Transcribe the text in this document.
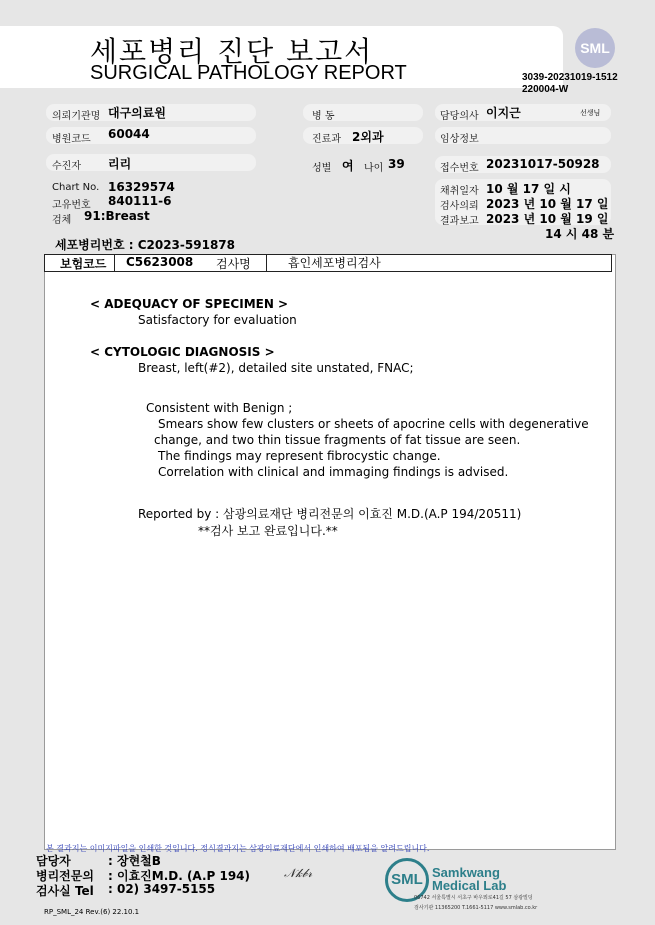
세포병리 진단 보고서
SURGICAL PATHOLOGY REPORT
SML
3039-20231019-1512
220004-W
의뢰기관명 대구의료원	병 동	담당의사 이지근	선생님
병원코드 60044	진료과 2외과	임상정보
수진자 리리	성별 여 나이 39	접수번호 20231017-50928
Chart No. 16329574
고유번호 840111-6
검체 91:Breast
채취일자 10 월 17 일 시
검사의뢰 2023 년 10 월 17 일
결과보고 2023 년 10 월 19 일
14 시 48 분
세포병리번호 : C2023-591878
보험코드 C5623008 검사명	흡인세포병리검사
< ADEQUACY OF SPECIMEN >
Satisfactory for evaluation
< CYTOLOGIC DIAGNOSIS >
Breast, left(#2), detailed site unstated, FNAC;
Consistent with Benign ;
Smears show few clusters or sheets of apocrine cells with degenerative
change, and two thin tissue fragments of fat tissue are seen.
The findings may represent fibrocystic change.
Correlation with clinical and immaging findings is advised.
Reported by : 삼광의료재단 병리전문의 이효진 M.D.(A.P 194/20511)
**검사 보고 완료입니다.**
본 결과지는 이미지파일을 인쇄한 것입니다. 정식결과지는 삼광의료재단에서 인쇄하여 배포됨을 알려드립니다.
담당자	: 장현철B
병리전문의 : 이효진M.D. (A.P 194)
검사실 Tel : 02) 3497-5155
𝒩𝓀𝒷𝓇	SML Samkwang
Medical Lab
06742 서울특별시 서초구 바우뫼로41길 57 삼광빌딩
검사기관 11365200 T.1661-5117 www.smlab.co.kr
RP_SML_24 Rev.(6) 22.10.1
